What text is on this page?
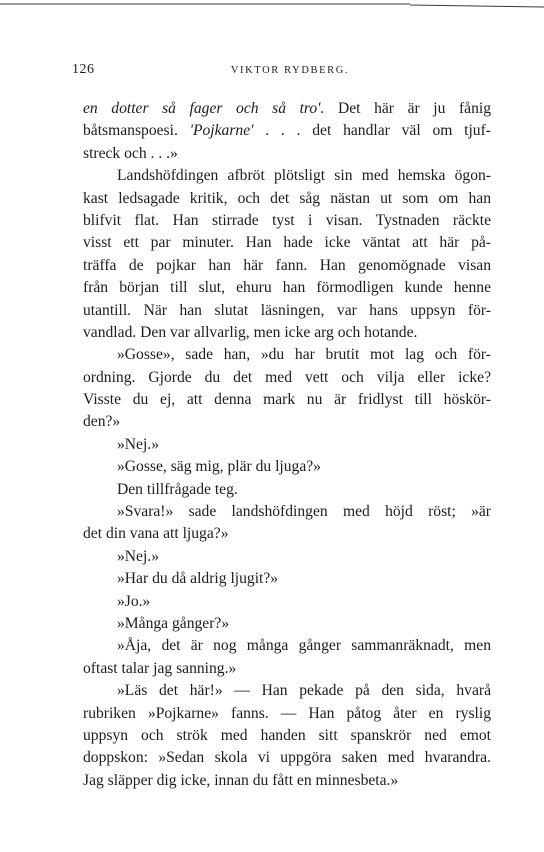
126	VIKTOR RYDBERG.
en dotter så fager och så tro'. Det här är ju fånig
båtsmanspoesi. 'Pojkarne' . . . det handlar väl om tjuf-
streck och . . .»
Landshöfdingen afbröt plötsligt sin med hemska ögon-
kast ledsagade kritik, och det såg nästan ut som om han
blifvit flat. Han stirrade tyst i visan. Tystnaden räckte
visst ett par minuter. Han hade icke väntat att här på-
träffa de pojkar han här fann. Han genomögnade visan
från början till slut, ehuru han förmodligen kunde henne
utantill. När han slutat läsningen, var hans uppsyn för-
vandlad. Den var allvarlig, men icke arg och hotande.
»Gosse», sade han, »du har brutit mot lag och för-
ordning. Gjorde du det med vett och vilja eller icke?
Visste du ej, att denna mark nu är fridlyst till höskör-
den?»
»Nej.»
»Gosse, säg mig, plär du ljuga?»
Den tillfrågade teg.
»Svara!» sade landshöfdingen med höjd röst; »är
det din vana att ljuga?»
»Nej.»
»Har du då aldrig ljugit?»
»Jo.»
»Många gånger?»
»Åja, det är nog många gånger sammanräknadt, men
oftast talar jag sanning.»
»Läs det här!» — Han pekade på den sida, hvarå
rubriken »Pojkarne» fanns. — Han påtog åter en ryslig
uppsyn och strök med handen sitt spanskrör ned emot
doppskon: »Sedan skola vi uppgöra saken med hvarandra.
Jag släpper dig icke, innan du fått en minnesbeta.»
